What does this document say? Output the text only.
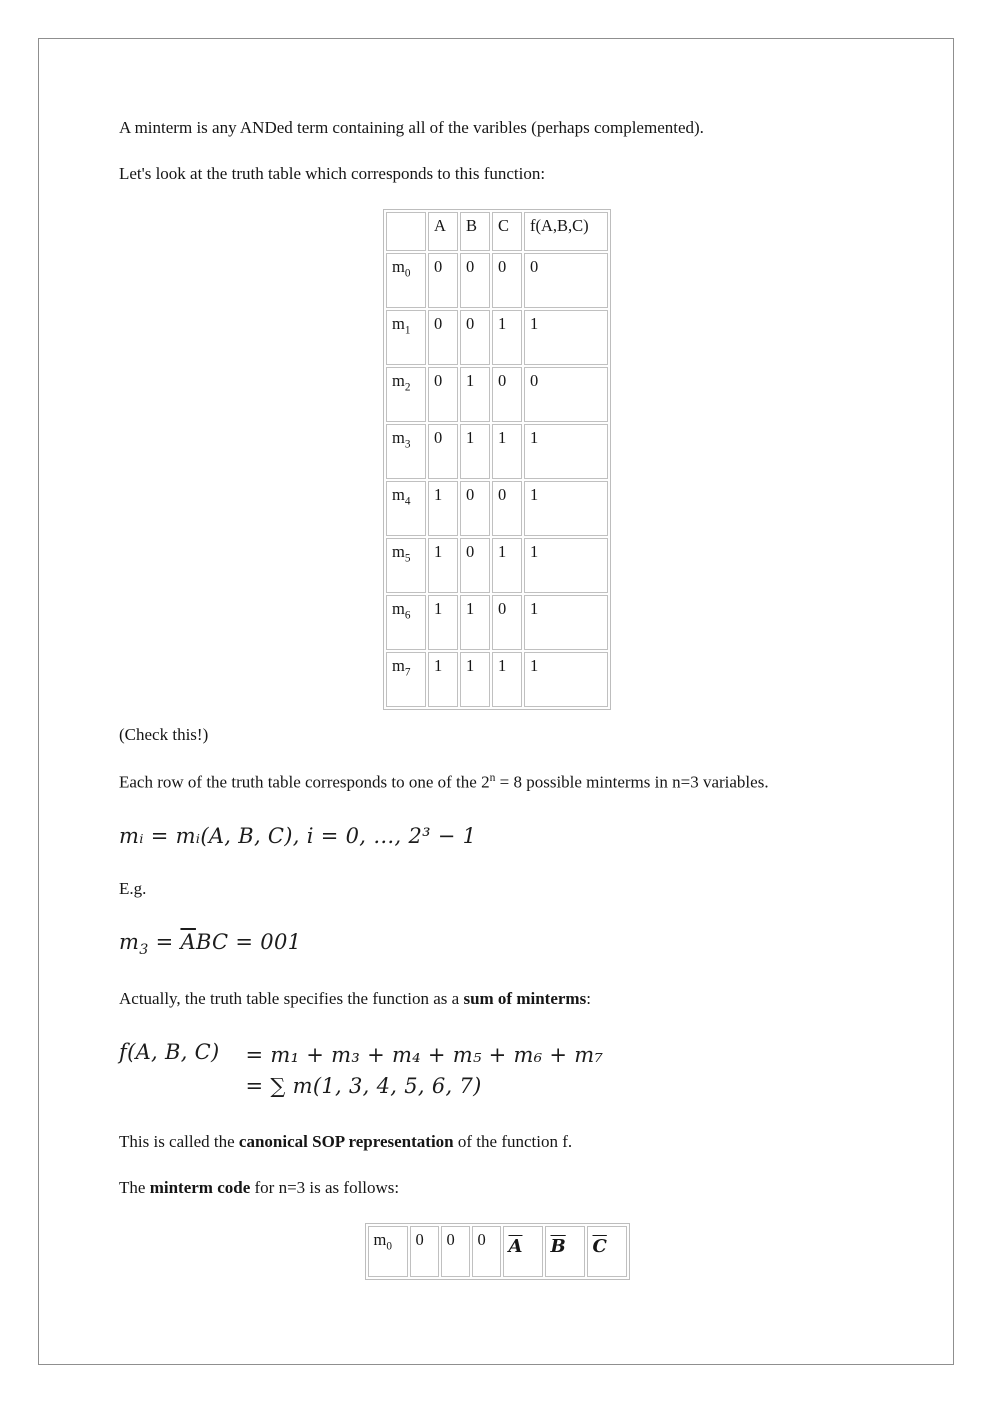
A minterm is any ANDed term containing all of the varibles (perhaps complemented).

Let's look at the truth table which corresponds to this function:

	A	B	C	f(A,B,C)
$m_0$	0	0	0	0
$m_1$	0	0	1	1
$m_2$	0	1	0	0
$m_3$	0	1	1	1
$m_4$	1	0	0	1
$m_5$	1	0	1	1
$m_6$	1	1	0	1
$m_7$	1	1	1	1

(Check this!)

Each row of the truth table corresponds to one of the $2^n = 8$ possible minterms in n=3 variables.

mᵢ = mᵢ(A, B, C), i = 0, …, 2³ − 1

E.g.

$m_3 = \overline{A}BC = 001$

Actually, the truth table specifies the function as a sum of minterms:

f(A, B, C) = m₁ + m₃ + m₄ + m₅ + m₆ + m₇
= ∑ m(1, 3, 4, 5, 6, 7)

This is called the canonical SOP representation of the function f.

The minterm code for n=3 is as follows:

$m_0$	0	0	0	$\overline{A}$	$\overline{B}$	$\overline{C}$
